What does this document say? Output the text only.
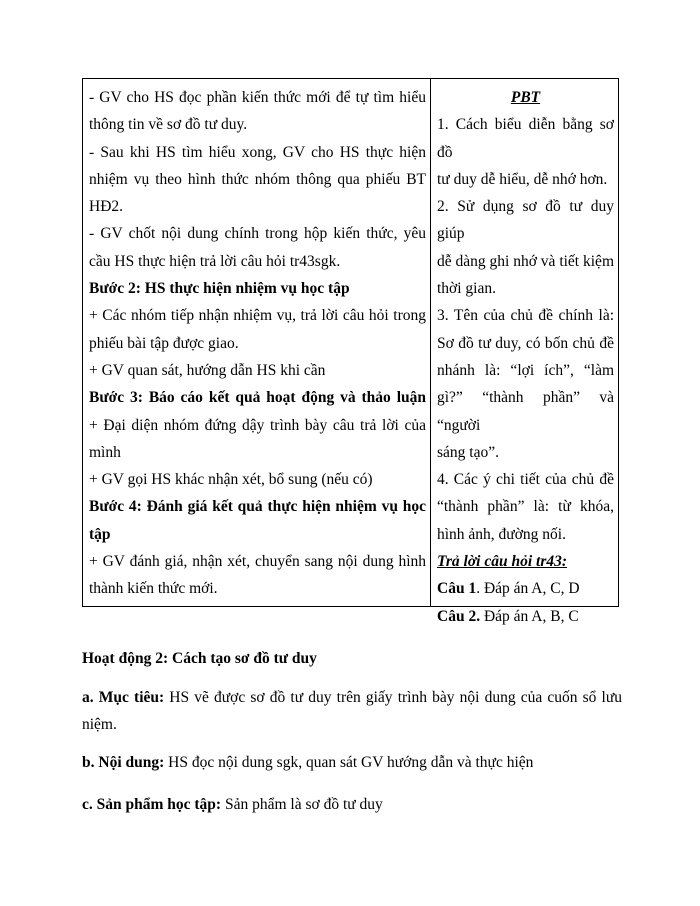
- GV cho HS đọc phần kiến thức mới để tự tìm hiểu
thông tin về sơ đồ tư duy.
- Sau khi HS tìm hiểu xong, GV cho HS thực hiện
nhiệm vụ theo hình thức nhóm thông qua phiếu BT
HĐ2.
- GV chốt nội dung chính trong hộp kiến thức, yêu
cầu HS thực hiện trả lời câu hỏi tr43sgk.
Bước 2: HS thực hiện nhiệm vụ học tập
+ Các nhóm tiếp nhận nhiệm vụ, trả lời câu hỏi trong
phiếu bài tập được giao.
+ GV quan sát, hướng dẫn HS khi cần
Bước 3: Báo cáo kết quả hoạt động và thảo luận
+ Đại diện nhóm đứng dậy trình bày câu trả lời của
mình
+ GV gọi HS khác nhận xét, bổ sung (nếu có)
Bước 4: Đánh giá kết quả thực hiện nhiệm vụ học
tập
+ GV đánh giá, nhận xét, chuyển sang nội dung hình
thành kiến thức mới.
PBT
1. Cách biểu diễn bằng sơ đồ
tư duy dễ hiểu, dễ nhớ hơn.
2. Sử dụng sơ đồ tư duy giúp
dễ dàng ghi nhớ và tiết kiệm
thời gian.
3. Tên của chủ đề chính là:
Sơ đồ tư duy, có bốn chủ đề
nhánh là: “lợi ích”, “làm
gì?” “thành phần” và “người
sáng tạo”.
4. Các ý chi tiết của chủ đề
“thành phần” là: từ khóa,
hình ảnh, đường nối.
Trả lời câu hỏi tr43:
Câu 1. Đáp án A, C, D
Câu 2. Đáp án A, B, C
Hoạt động 2: Cách tạo sơ đồ tư duy
a. Mục tiêu: HS vẽ được sơ đồ tư duy trên giấy trình bày nội dung của cuốn sổ lưu
niệm.
b. Nội dung: HS đọc nội dung sgk, quan sát GV hướng dẫn và thực hiện
c. Sản phẩm học tập: Sản phẩm là sơ đồ tư duy
